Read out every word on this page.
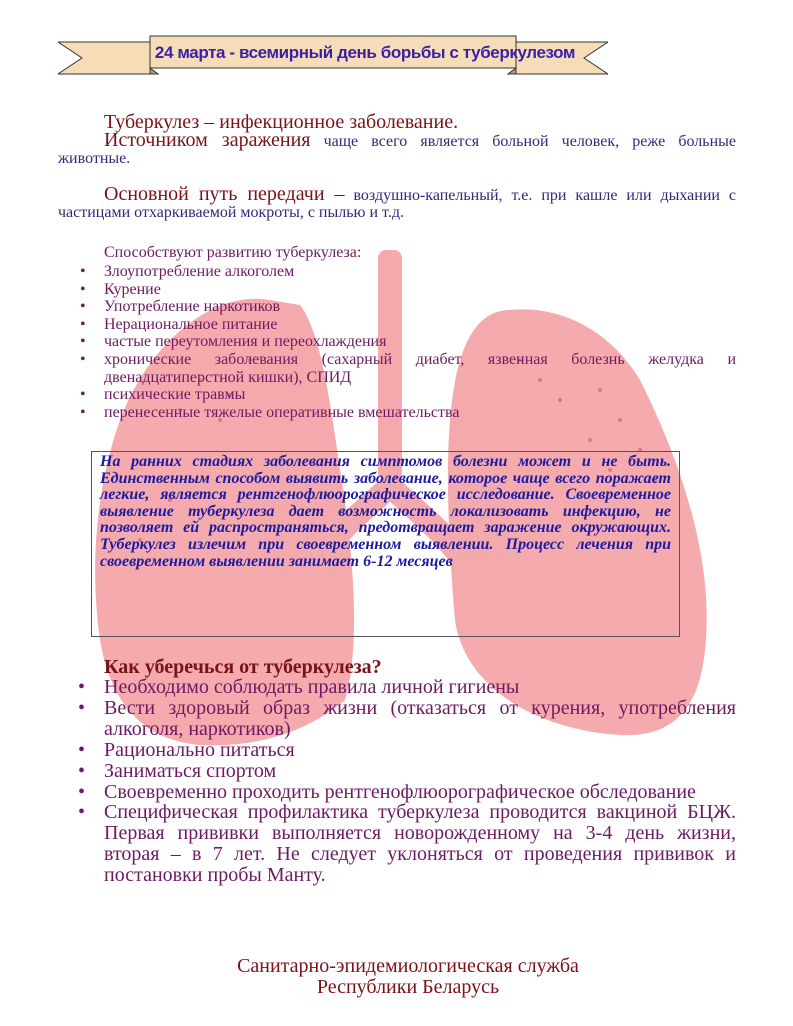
24 марта - всемирный день борьбы с туберкулезом

Туберкулез – инфекционное заболевание.

Источником заражения чаще всего является больной человек, реже больные животные.

Основной путь передачи – воздушно-капельный, т.е. при кашле или дыхании с частицами отхаркиваемой мокроты, с пылью и т.д.

Способствуют развитию туберкулеза:
• Злоупотребление алкоголем
• Курение
• Употребление наркотиков
• Нерациональное питание
• частые переутомления и переохлаждения
• хронические заболевания (сахарный диабет, язвенная болезнь желудка и двенадцатиперстной кишки), СПИД
• психические травмы
• перенесенные тяжелые оперативные вмешательства

На ранних стадиях заболевания симптомов болезни может и не быть. Единственным способом выявить заболевание, которое чаще всего поражает легкие, является рентгенофлюорографическое исследование. Своевременное выявление туберкулеза дает возможность локализовать инфекцию, не позволяет ей распространяться, предотвращает заражение окружающих. Туберкулез излечим при своевременном выявлении. Процесс лечения при своевременном выявлении занимает 6-12 месяцев

Как уберечься от туберкулеза?
• Необходимо соблюдать правила личной гигиены
• Вести здоровый образ жизни (отказаться от курения, употребления алкоголя, наркотиков)
• Рационально питаться
• Заниматься спортом
• Своевременно проходить рентгенофлюорографическое обследование
• Специфическая профилактика туберкулеза проводится вакциной БЦЖ. Первая прививки выполняется новорожденному на 3-4 день жизни, вторая – в 7 лет. Не следует уклоняться от проведения прививок и постановки пробы Манту.
Санитарно-эпидемиологическая служба
Республики Беларусь
